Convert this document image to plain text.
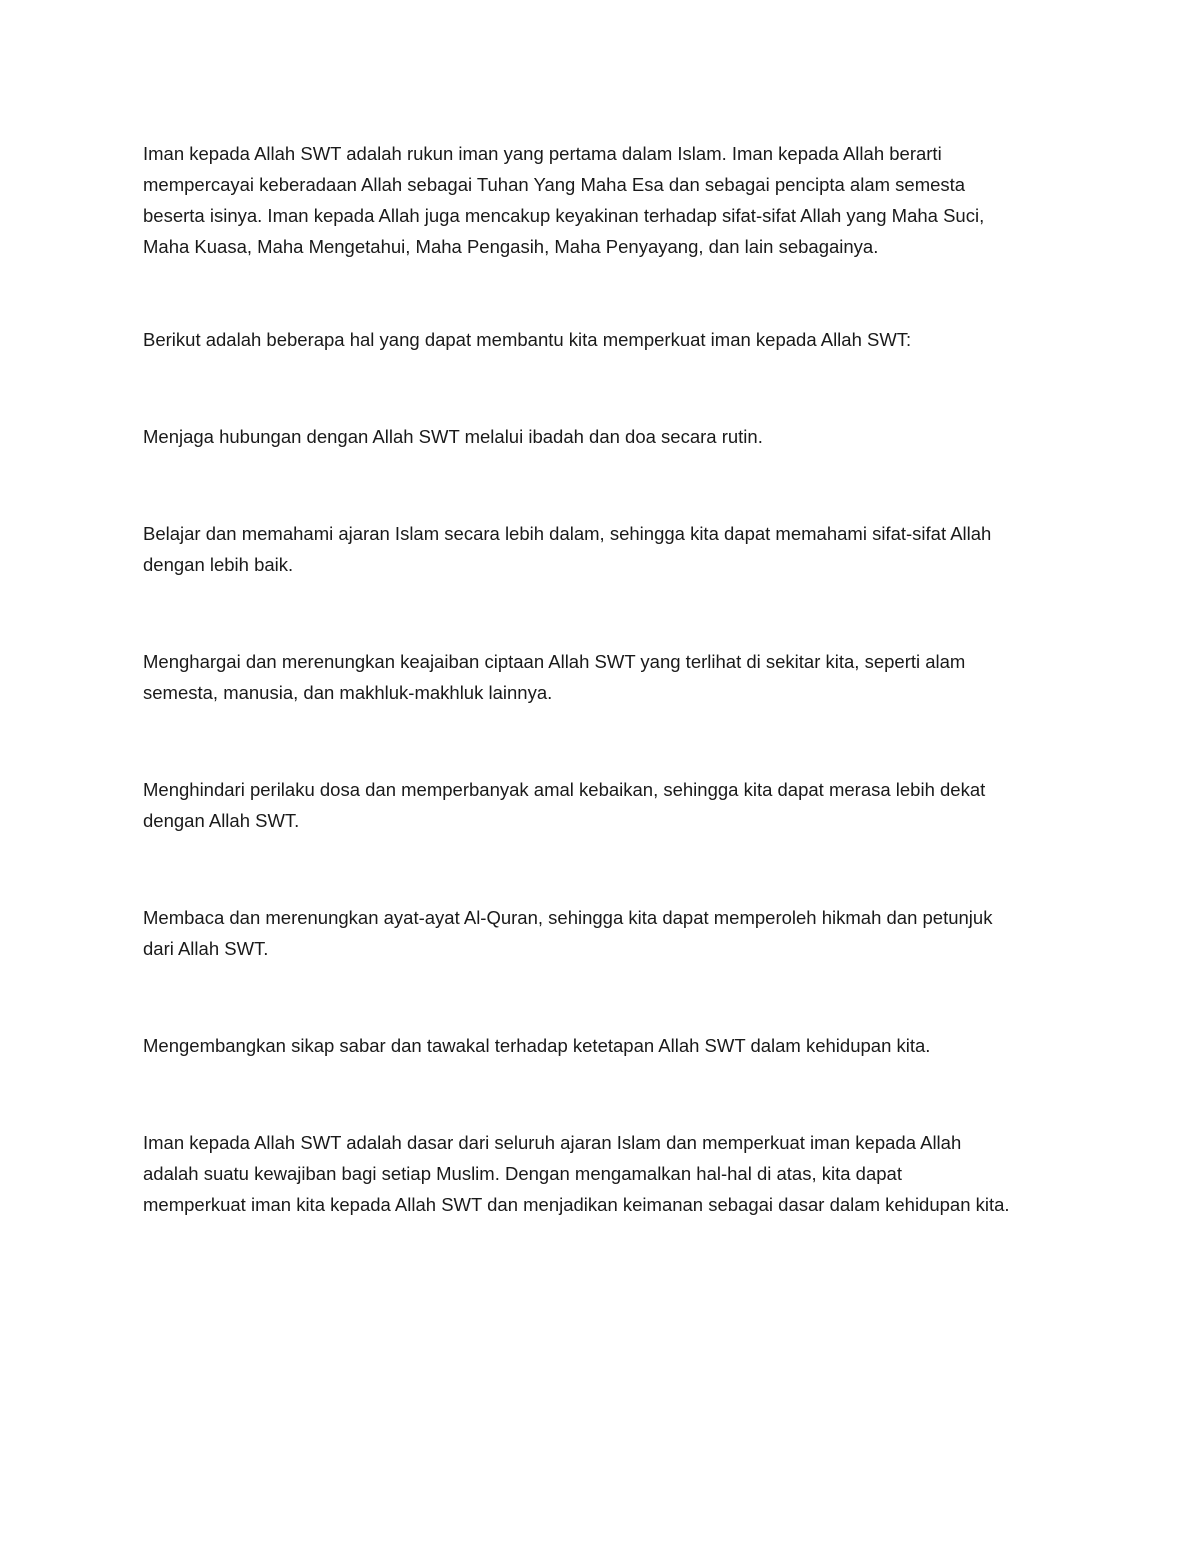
Iman kepada Allah SWT adalah rukun iman yang pertama dalam Islam. Iman kepada Allah berarti
mempercayai keberadaan Allah sebagai Tuhan Yang Maha Esa dan sebagai pencipta alam semesta
beserta isinya. Iman kepada Allah juga mencakup keyakinan terhadap sifat-sifat Allah yang Maha Suci,
Maha Kuasa, Maha Mengetahui, Maha Pengasih, Maha Penyayang, dan lain sebagainya.

Berikut adalah beberapa hal yang dapat membantu kita memperkuat iman kepada Allah SWT:

Menjaga hubungan dengan Allah SWT melalui ibadah dan doa secara rutin.

Belajar dan memahami ajaran Islam secara lebih dalam, sehingga kita dapat memahami sifat-sifat Allah
dengan lebih baik.

Menghargai dan merenungkan keajaiban ciptaan Allah SWT yang terlihat di sekitar kita, seperti alam
semesta, manusia, dan makhluk-makhluk lainnya.

Menghindari perilaku dosa dan memperbanyak amal kebaikan, sehingga kita dapat merasa lebih dekat
dengan Allah SWT.

Membaca dan merenungkan ayat-ayat Al-Quran, sehingga kita dapat memperoleh hikmah dan petunjuk
dari Allah SWT.

Mengembangkan sikap sabar dan tawakal terhadap ketetapan Allah SWT dalam kehidupan kita.

Iman kepada Allah SWT adalah dasar dari seluruh ajaran Islam dan memperkuat iman kepada Allah
adalah suatu kewajiban bagi setiap Muslim. Dengan mengamalkan hal-hal di atas, kita dapat
memperkuat iman kita kepada Allah SWT dan menjadikan keimanan sebagai dasar dalam kehidupan kita.
